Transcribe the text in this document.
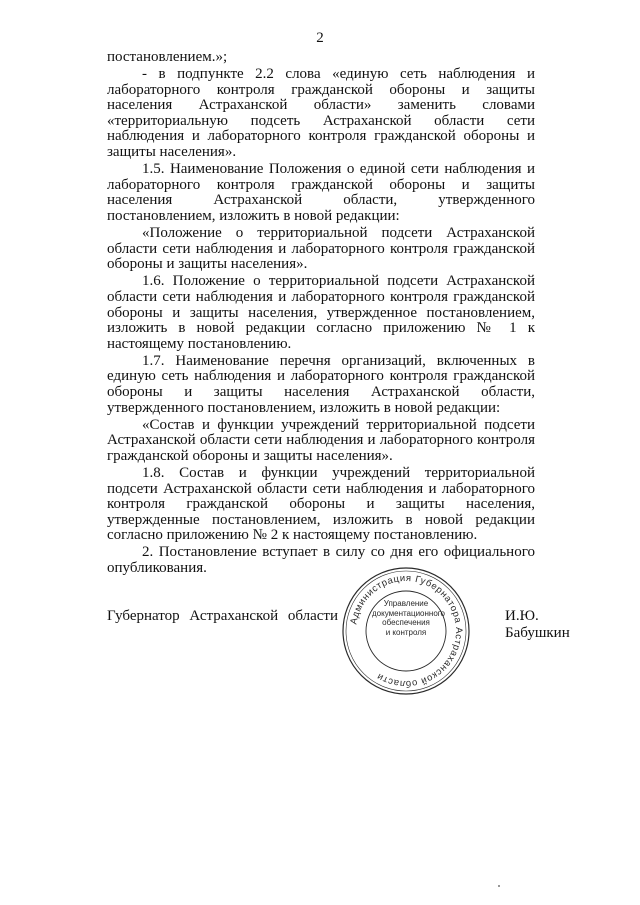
2

постановлением.»;

- в подпункте 2.2 слова «единую сеть наблюдения и лабораторного контроля гражданской обороны и защиты населения Астраханской области» заменить словами «территориальную подсеть Астраханской области сети наблюдения и лабораторного контроля гражданской обороны и защиты населения».

1.5. Наименование Положения о единой сети наблюдения и лабораторного контроля гражданской обороны и защиты населения Астраханской области, утвержденного постановлением, изложить в новой редакции:

«Положение о территориальной подсети Астраханской области сети наблюдения и лабораторного контроля гражданской обороны и защиты населения».

1.6. Положение о территориальной подсети Астраханской области сети наблюдения и лабораторного контроля гражданской обороны и защиты населения, утвержденное постановлением, изложить в новой редакции согласно приложению № 1 к настоящему постановлению.

1.7. Наименование перечня организаций, включенных в единую сеть наблюдения и лабораторного контроля гражданской обороны и защиты населения Астраханской области, утвержденного постановлением, изложить в новой редакции:

«Состав и функции учреждений территориальной подсети Астраханской области сети наблюдения и лабораторного контроля гражданской обороны и защиты населения».

1.8. Состав и функции учреждений территориальной подсети Астраханской области сети наблюдения и лабораторного контроля гражданской обороны и защиты населения, утвержденные постановлением, изложить в новой редакции согласно приложению № 2 к настоящему постановлению.

2. Постановление вступает в силу со дня его официального опубликования.

Губернатор Астраханской области	И.Ю. Бабушкин
Администрация Губернатора Астраханской области
Управление
документационного
обеспечения
и контроля
